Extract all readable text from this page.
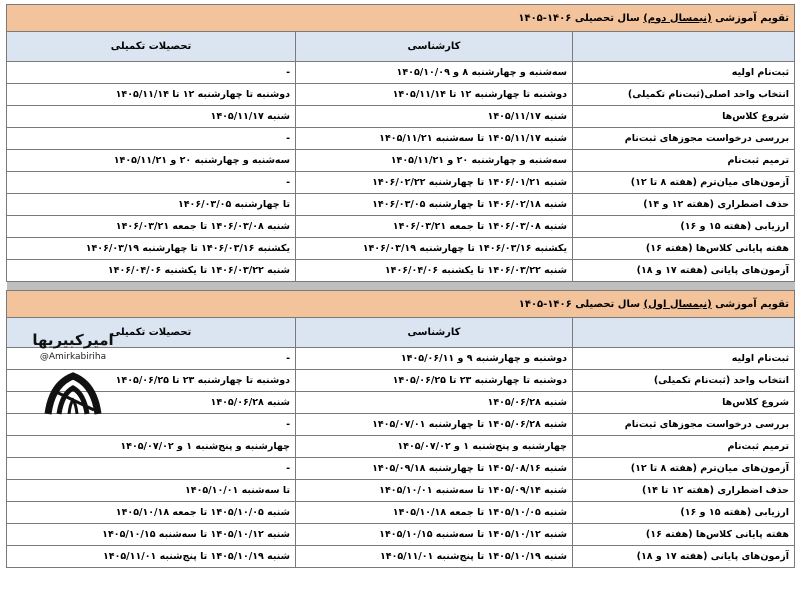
تقویم آموزشی (نیمسال دوم) سال تحصیلی ۱۴۰۶-۱۴۰۵		
	کارشناسی	تحصیلات تکمیلی
ثبت‌نام اولیه	سه‌شنبه و چهارشنبه ۸ و ۱۴۰۵/۱۰/۰۹	-
انتخاب واحد اصلی(ثبت‌نام تکمیلی)	دوشنبه تا چهارشنبه ۱۲ تا ۱۴۰۵/۱۱/۱۴	دوشنبه تا چهارشنبه ۱۲ تا ۱۴۰۵/۱۱/۱۴
شروع کلاس‌ها	شنبه ۱۴۰۵/۱۱/۱۷	شنبه ۱۴۰۵/۱۱/۱۷
بررسی درخواست مجوزهای ثبت‌نام	شنبه ۱۴۰۵/۱۱/۱۷ تا سه‌شنبه ۱۴۰۵/۱۱/۲۱	-
ترمیم ثبت‌نام	سه‌شنبه و چهارشنبه ۲۰ و ۱۴۰۵/۱۱/۲۱	سه‌شنبه و چهارشنبه ۲۰ و ۱۴۰۵/۱۱/۲۱
آزمون‌های میان‌ترم (هفته ۸ تا ۱۲)	شنبه ۱۴۰۶/۰۱/۲۱ تا چهارشنبه ۱۴۰۶/۰۲/۲۲	-
حذف اضطراری (هفته ۱۲ و ۱۴)	شنبه ۱۴۰۶/۰۲/۱۸ تا چهارشنبه ۱۴۰۶/۰۳/۰۵	تا چهارشنبه ۱۴۰۶/۰۳/۰۵
ارزیابی (هفته ۱۵ و ۱۶)	شنبه ۱۴۰۶/۰۳/۰۸ تا جمعه ۱۴۰۶/۰۳/۲۱	شنبه ۱۴۰۶/۰۳/۰۸ تا جمعه ۱۴۰۶/۰۳/۲۱
هفته پایانی کلاس‌ها (هفته ۱۶)	یکشنبه ۱۴۰۶/۰۳/۱۶ تا چهارشنبه ۱۴۰۶/۰۳/۱۹	یکشنبه ۱۴۰۶/۰۳/۱۶ تا چهارشنبه ۱۴۰۶/۰۳/۱۹
آزمون‌های پایانی (هفته ۱۷ و ۱۸)	شنبه ۱۴۰۶/۰۳/۲۲ تا یکشنبه ۱۴۰۶/۰۴/۰۶	شنبه ۱۴۰۶/۰۳/۲۲ تا یکشنبه ۱۴۰۶/۰۴/۰۶

تقویم آموزشی (نیمسال اول) سال تحصیلی ۱۴۰۶-۱۴۰۵		
	کارشناسی	تحصیلات تکمیلی
ثبت‌نام اولیه	دوشنبه و چهارشنبه ۹ و ۱۴۰۵/۰۶/۱۱	-
انتخاب واحد (ثبت‌نام تکمیلی)	دوشنبه تا چهارشنبه ۲۳ تا ۱۴۰۵/۰۶/۲۵	دوشنبه تا چهارشنبه ۲۳ تا ۱۴۰۵/۰۶/۲۵
شروع کلاس‌ها	شنبه ۱۴۰۵/۰۶/۲۸	شنبه ۱۴۰۵/۰۶/۲۸
بررسی درخواست مجوزهای ثبت‌نام	شنبه ۱۴۰۵/۰۶/۲۸ تا چهارشنبه ۱۴۰۵/۰۷/۰۱	-
ترمیم ثبت‌نام	چهارشنبه و پنج‌شنبه ۱ و ۱۴۰۵/۰۷/۰۲	چهارشنبه و پنج‌شنبه ۱ و ۱۴۰۵/۰۷/۰۲
آزمون‌های میان‌ترم (هفته ۸ تا ۱۲)	شنبه ۱۴۰۵/۰۸/۱۶ تا چهارشنبه ۱۴۰۵/۰۹/۱۸	-
حذف اضطراری (هفته ۱۲ تا ۱۴)	شنبه ۱۴۰۵/۰۹/۱۴ تا سه‌شنبه ۱۴۰۵/۱۰/۰۱	تا سه‌شنبه ۱۴۰۵/۱۰/۰۱
ارزیابی (هفته ۱۵ و ۱۶)	شنبه ۱۴۰۵/۱۰/۰۵ تا جمعه ۱۴۰۵/۱۰/۱۸	شنبه ۱۴۰۵/۱۰/۰۵ تا جمعه ۱۴۰۵/۱۰/۱۸
هفته پایانی کلاس‌ها (هفته ۱۶)	شنبه ۱۴۰۵/۱۰/۱۲ تا سه‌شنبه ۱۴۰۵/۱۰/۱۵	شنبه ۱۴۰۵/۱۰/۱۲ تا سه‌شنبه ۱۴۰۵/۱۰/۱۵
آزمون‌های پایانی (هفته ۱۷ و ۱۸)	شنبه ۱۴۰۵/۱۰/۱۹ تا پنج‌شنبه ۱۴۰۵/۱۱/۰۱	شنبه ۱۴۰۵/۱۰/۱۹ تا پنج‌شنبه ۱۴۰۵/۱۱/۰۱
امیرکبیریها
@Amirkabiriha
